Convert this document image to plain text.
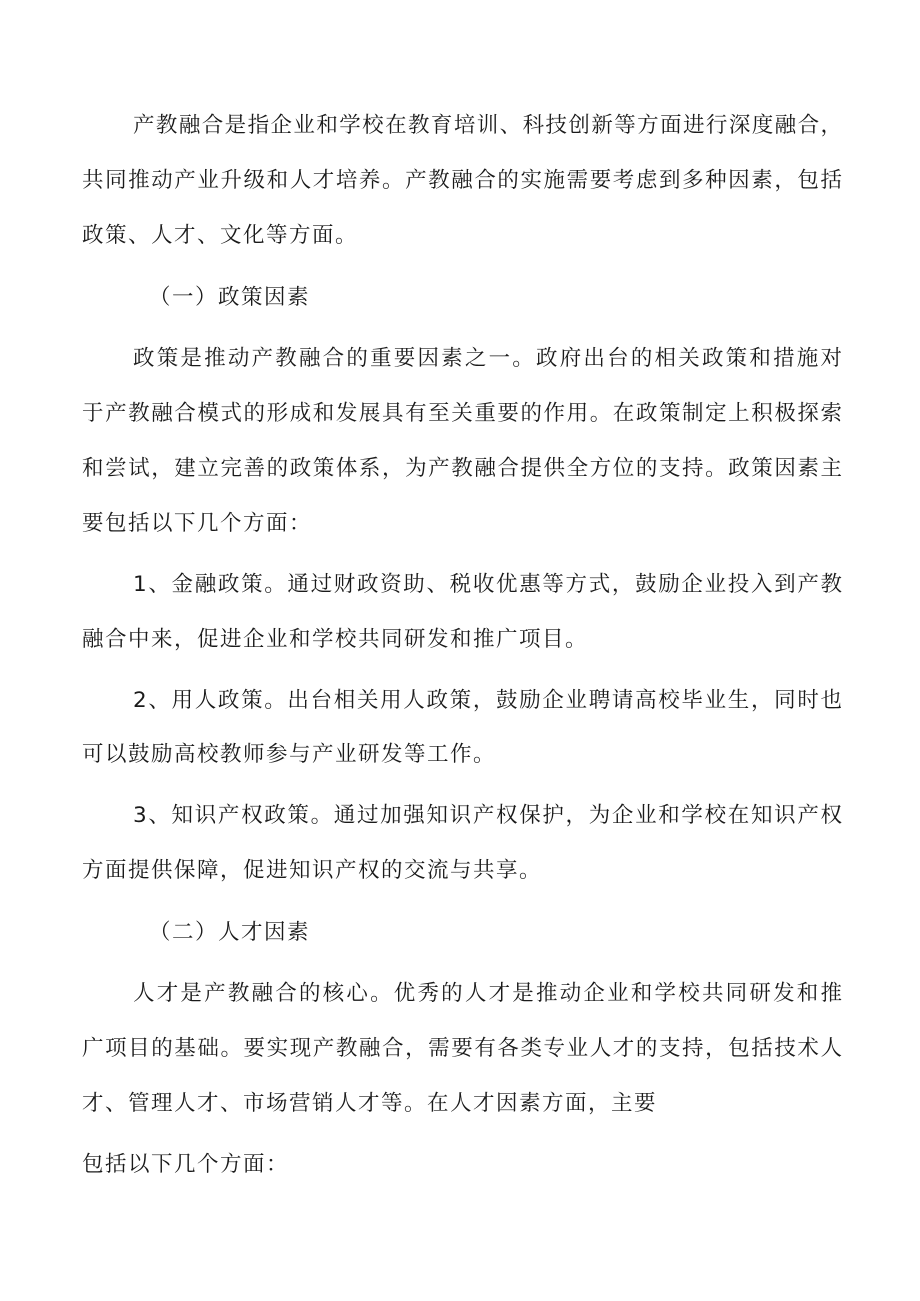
产教融合是指企业和学校在教育培训、科技创新等方面进行深度融合，
共同推动产业升级和人才培养。产教融合的实施需要考虑到多种因素，包括
政策、人才、文化等方面。
（一）政策因素
政策是推动产教融合的重要因素之一。政府出台的相关政策和措施对
于产教融合模式的形成和发展具有至关重要的作用。在政策制定上积极探索
和尝试，建立完善的政策体系，为产教融合提供全方位的支持。政策因素主
要包括以下几个方面：
1、金融政策。通过财政资助、税收优惠等方式，鼓励企业投入到产教
融合中来，促进企业和学校共同研发和推广项目。
2、用人政策。出台相关用人政策，鼓励企业聘请高校毕业生，同时也
可以鼓励高校教师参与产业研发等工作。
3、知识产权政策。通过加强知识产权保护，为企业和学校在知识产权
方面提供保障，促进知识产权的交流与共享。
（二）人才因素
人才是产教融合的核心。优秀的人才是推动企业和学校共同研发和推
广项目的基础。要实现产教融合，需要有各类专业人才的支持，包括技术人
才、管理人才、市场营销人才等。在人才因素方面，主要
包括以下几个方面：
